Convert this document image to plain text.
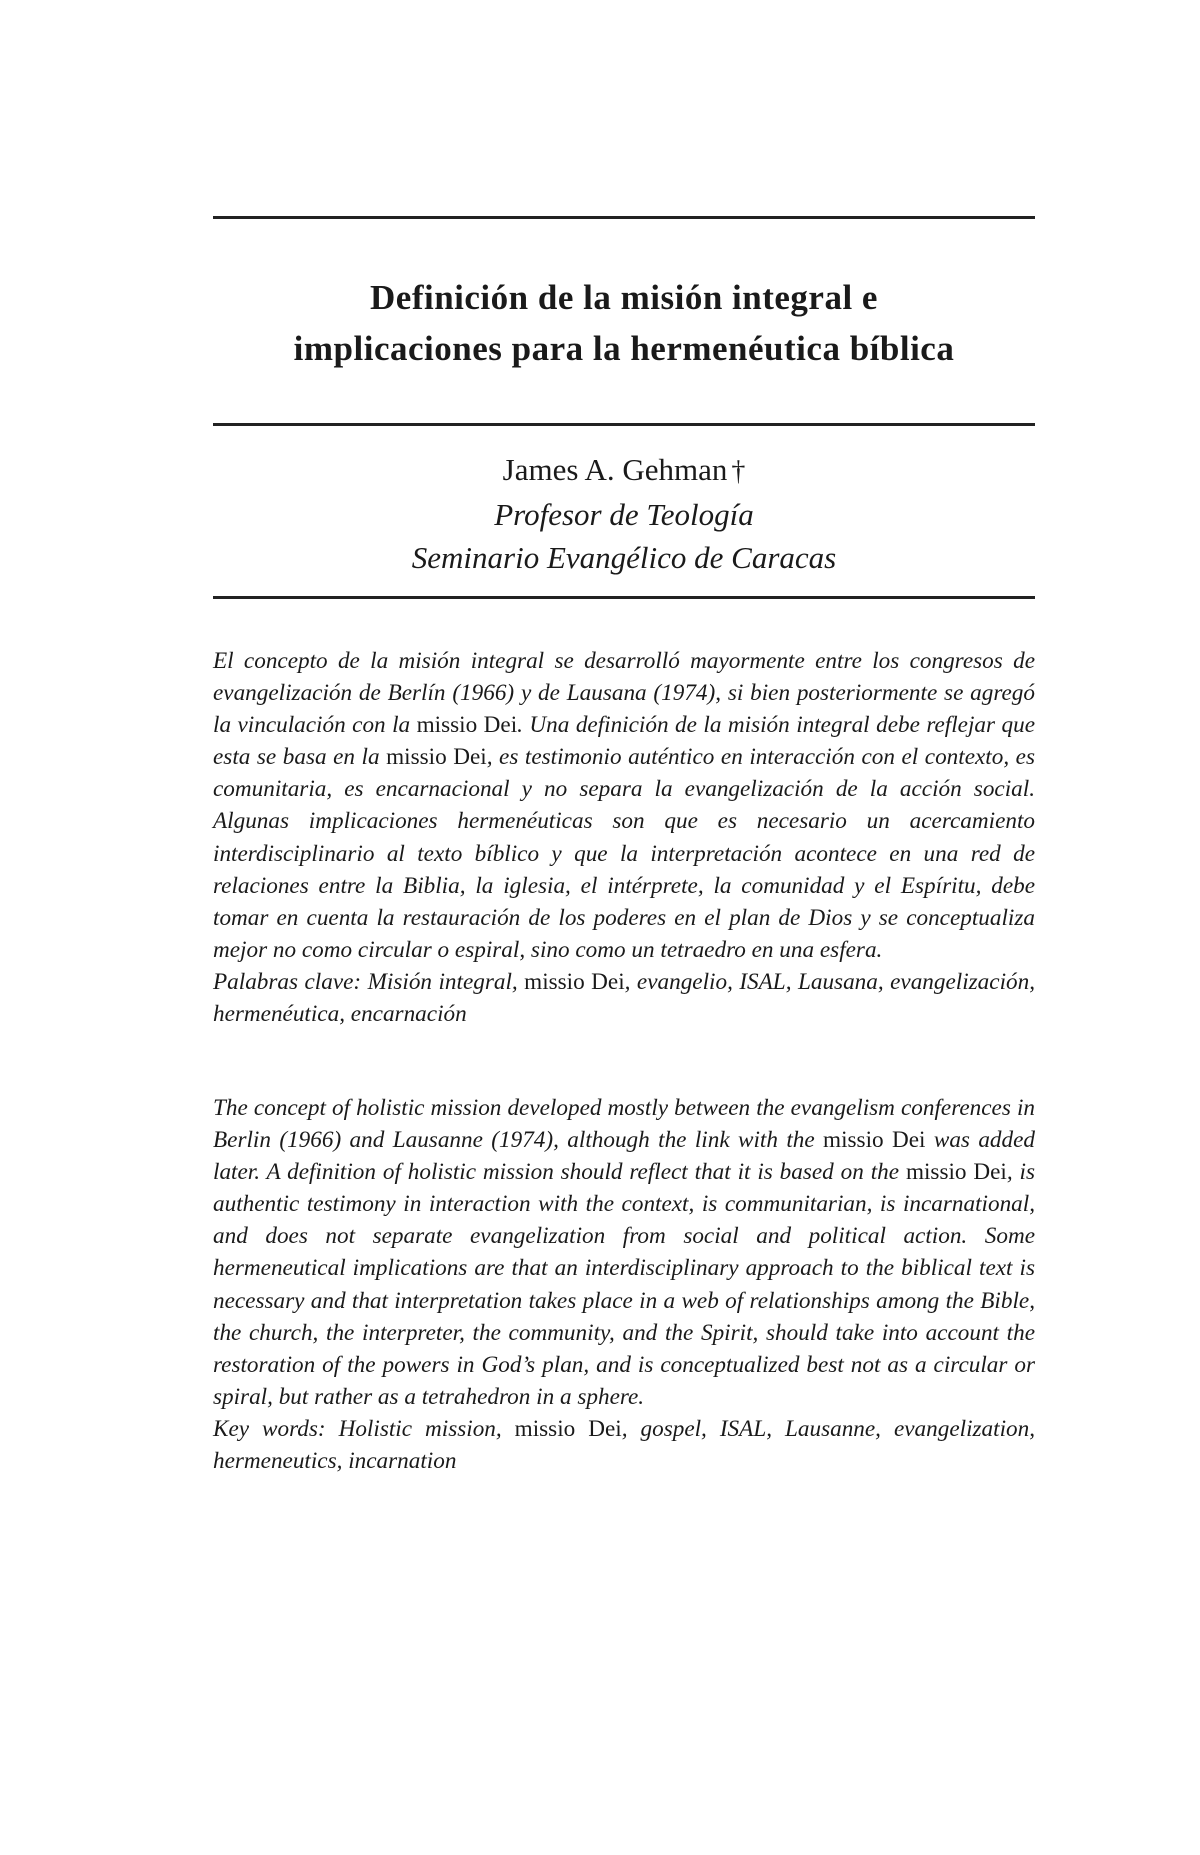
Definición de la misión integral e
implicaciones para la hermenéutica bíblica
James A. Gehman †
Profesor de Teología
Seminario Evangélico de Caracas

El concepto de la misión integral se desarrolló mayormente entre los congresos de evangelización de Berlín (1966) y de Lausana (1974), si bien posteriormente se agregó la vinculación con la missio Dei. Una definición de la misión integral debe reflejar que esta se basa en la missio Dei, es testimonio auténtico en interacción con el contexto, es comunitaria, es encarnacional y no separa la evangelización de la acción social. Algunas implicaciones hermenéuticas son que es necesario un acercamiento interdisciplinario al texto bíblico y que la interpretación acontece en una red de relaciones entre la Biblia, la iglesia, el intérprete, la comunidad y el Espíritu, debe tomar en cuenta la restauración de los poderes en el plan de Dios y se conceptualiza mejor no como circular o espiral, sino como un tetraedro en una esfera.
Palabras clave: Misión integral, missio Dei, evangelio, ISAL, Lausana, evangelización, hermenéutica, encarnación

The concept of holistic mission developed mostly between the evangelism conferences in Berlin (1966) and Lausanne (1974), although the link with the missio Dei was added later. A definition of holistic mission should reflect that it is based on the missio Dei, is authentic testimony in interaction with the context, is communitarian, is incarnational, and does not separate evangelization from social and political action. Some hermeneutical implications are that an interdisciplinary approach to the biblical text is necessary and that interpretation takes place in a web of relationships among the Bible, the church, the interpreter, the community, and the Spirit, should take into account the restoration of the powers in God’s plan, and is conceptualized best not as a circular or spiral, but rather as a tetrahedron in a sphere.
Key words: Holistic mission, missio Dei, gospel, ISAL, Lausanne, evangelization, hermeneutics, incarnation
